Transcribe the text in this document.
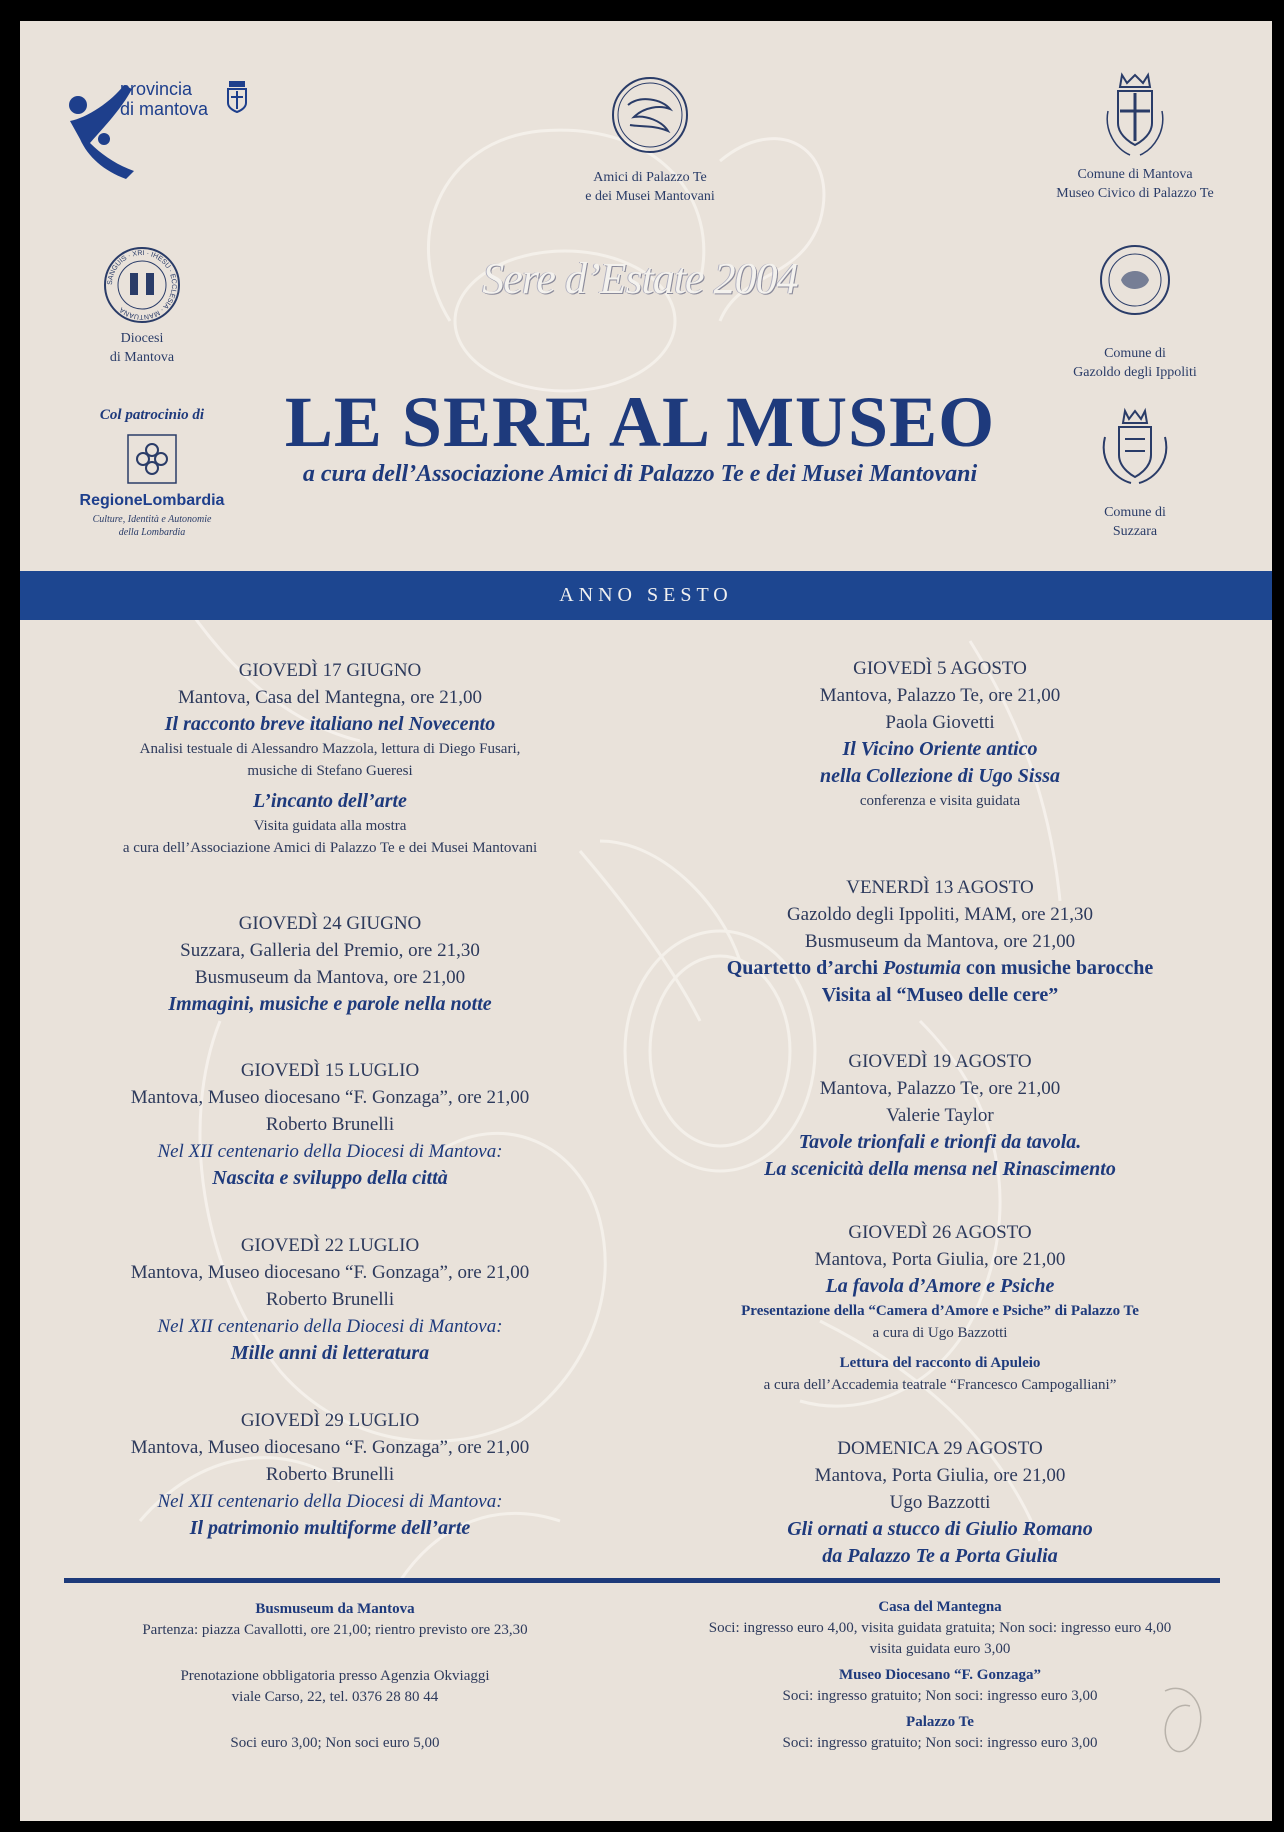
provincia di mantova
Amici di Palazzo Te
e dei Musei Mantovani
Comune di Mantova
Museo Civico di Palazzo Te
SANGUIS · XRI · IHESU · ECCLESIA · MANTUANA
Diocesi
di Mantova	Comune di
Gazoldo degli Ippoliti
Col patrocinio di
RegioneLombardia
Culture, Identità e Autonomie
della Lombardia
Comune di
Suzzara
Sere d’Estate 2004
LE SERE AL MUSEO
a cura dell’Associazione Amici di Palazzo Te e dei Musei Mantovani
ANNO SESTO
GIOVEDÌ 17 GIUGNO
Mantova, Casa del Mantegna, ore 21,00
Il racconto breve italiano nel Novecento
Analisi testuale di Alessandro Mazzola, lettura di Diego Fusari,
musiche di Stefano Gueresi
L’incanto dell’arte
Visita guidata alla mostra
a cura dell’Associazione Amici di Palazzo Te e dei Musei Mantovani
GIOVEDÌ 24 GIUGNO
Suzzara, Galleria del Premio, ore 21,30
Busmuseum da Mantova, ore 21,00
Immagini, musiche e parole nella notte
GIOVEDÌ 15 LUGLIO
Mantova, Museo diocesano “F. Gonzaga”, ore 21,00
Roberto Brunelli
Nel XII centenario della Diocesi di Mantova:
Nascita e sviluppo della città
GIOVEDÌ 22 LUGLIO
Mantova, Museo diocesano “F. Gonzaga”, ore 21,00
Roberto Brunelli
Nel XII centenario della Diocesi di Mantova:
Mille anni di letteratura
GIOVEDÌ 29 LUGLIO
Mantova, Museo diocesano “F. Gonzaga”, ore 21,00
Roberto Brunelli
Nel XII centenario della Diocesi di Mantova:
Il patrimonio multiforme dell’arte
GIOVEDÌ 5 AGOSTO
Mantova, Palazzo Te, ore 21,00
Paola Giovetti
Il Vicino Oriente antico
nella Collezione di Ugo Sissa
conferenza e visita guidata
VENERDÌ 13 AGOSTO
Gazoldo degli Ippoliti, MAM, ore 21,30
Busmuseum da Mantova, ore 21,00
Quartetto d’archi Postumia con musiche barocche
Visita al “Museo delle cere”
GIOVEDÌ 19 AGOSTO
Mantova, Palazzo Te, ore 21,00
Valerie Taylor
Tavole trionfali e trionfi da tavola.
La scenicità della mensa nel Rinascimento
GIOVEDÌ 26 AGOSTO
Mantova, Porta Giulia, ore 21,00
La favola d’Amore e Psiche
Presentazione della “Camera d’Amore e Psiche” di Palazzo Te
a cura di Ugo Bazzotti
Lettura del racconto di Apuleio
a cura dell’Accademia teatrale “Francesco Campogalliani”
DOMENICA 29 AGOSTO
Mantova, Porta Giulia, ore 21,00
Ugo Bazzotti
Gli ornati a stucco di Giulio Romano
da Palazzo Te a Porta Giulia
Busmuseum da Mantova
Partenza: piazza Cavallotti, ore 21,00; rientro previsto ore 23,30
Prenotazione obbligatoria presso Agenzia Okviaggi
viale Carso, 22, tel. 0376 28 80 44
Soci euro 3,00; Non soci euro 5,00
Casa del Mantegna
Soci: ingresso euro 4,00, visita guidata gratuita; Non soci: ingresso euro 4,00
visita guidata euro 3,00
Museo Diocesano “F. Gonzaga”
Soci: ingresso gratuito; Non soci: ingresso euro 3,00
Palazzo Te
Soci: ingresso gratuito; Non soci: ingresso euro 3,00
